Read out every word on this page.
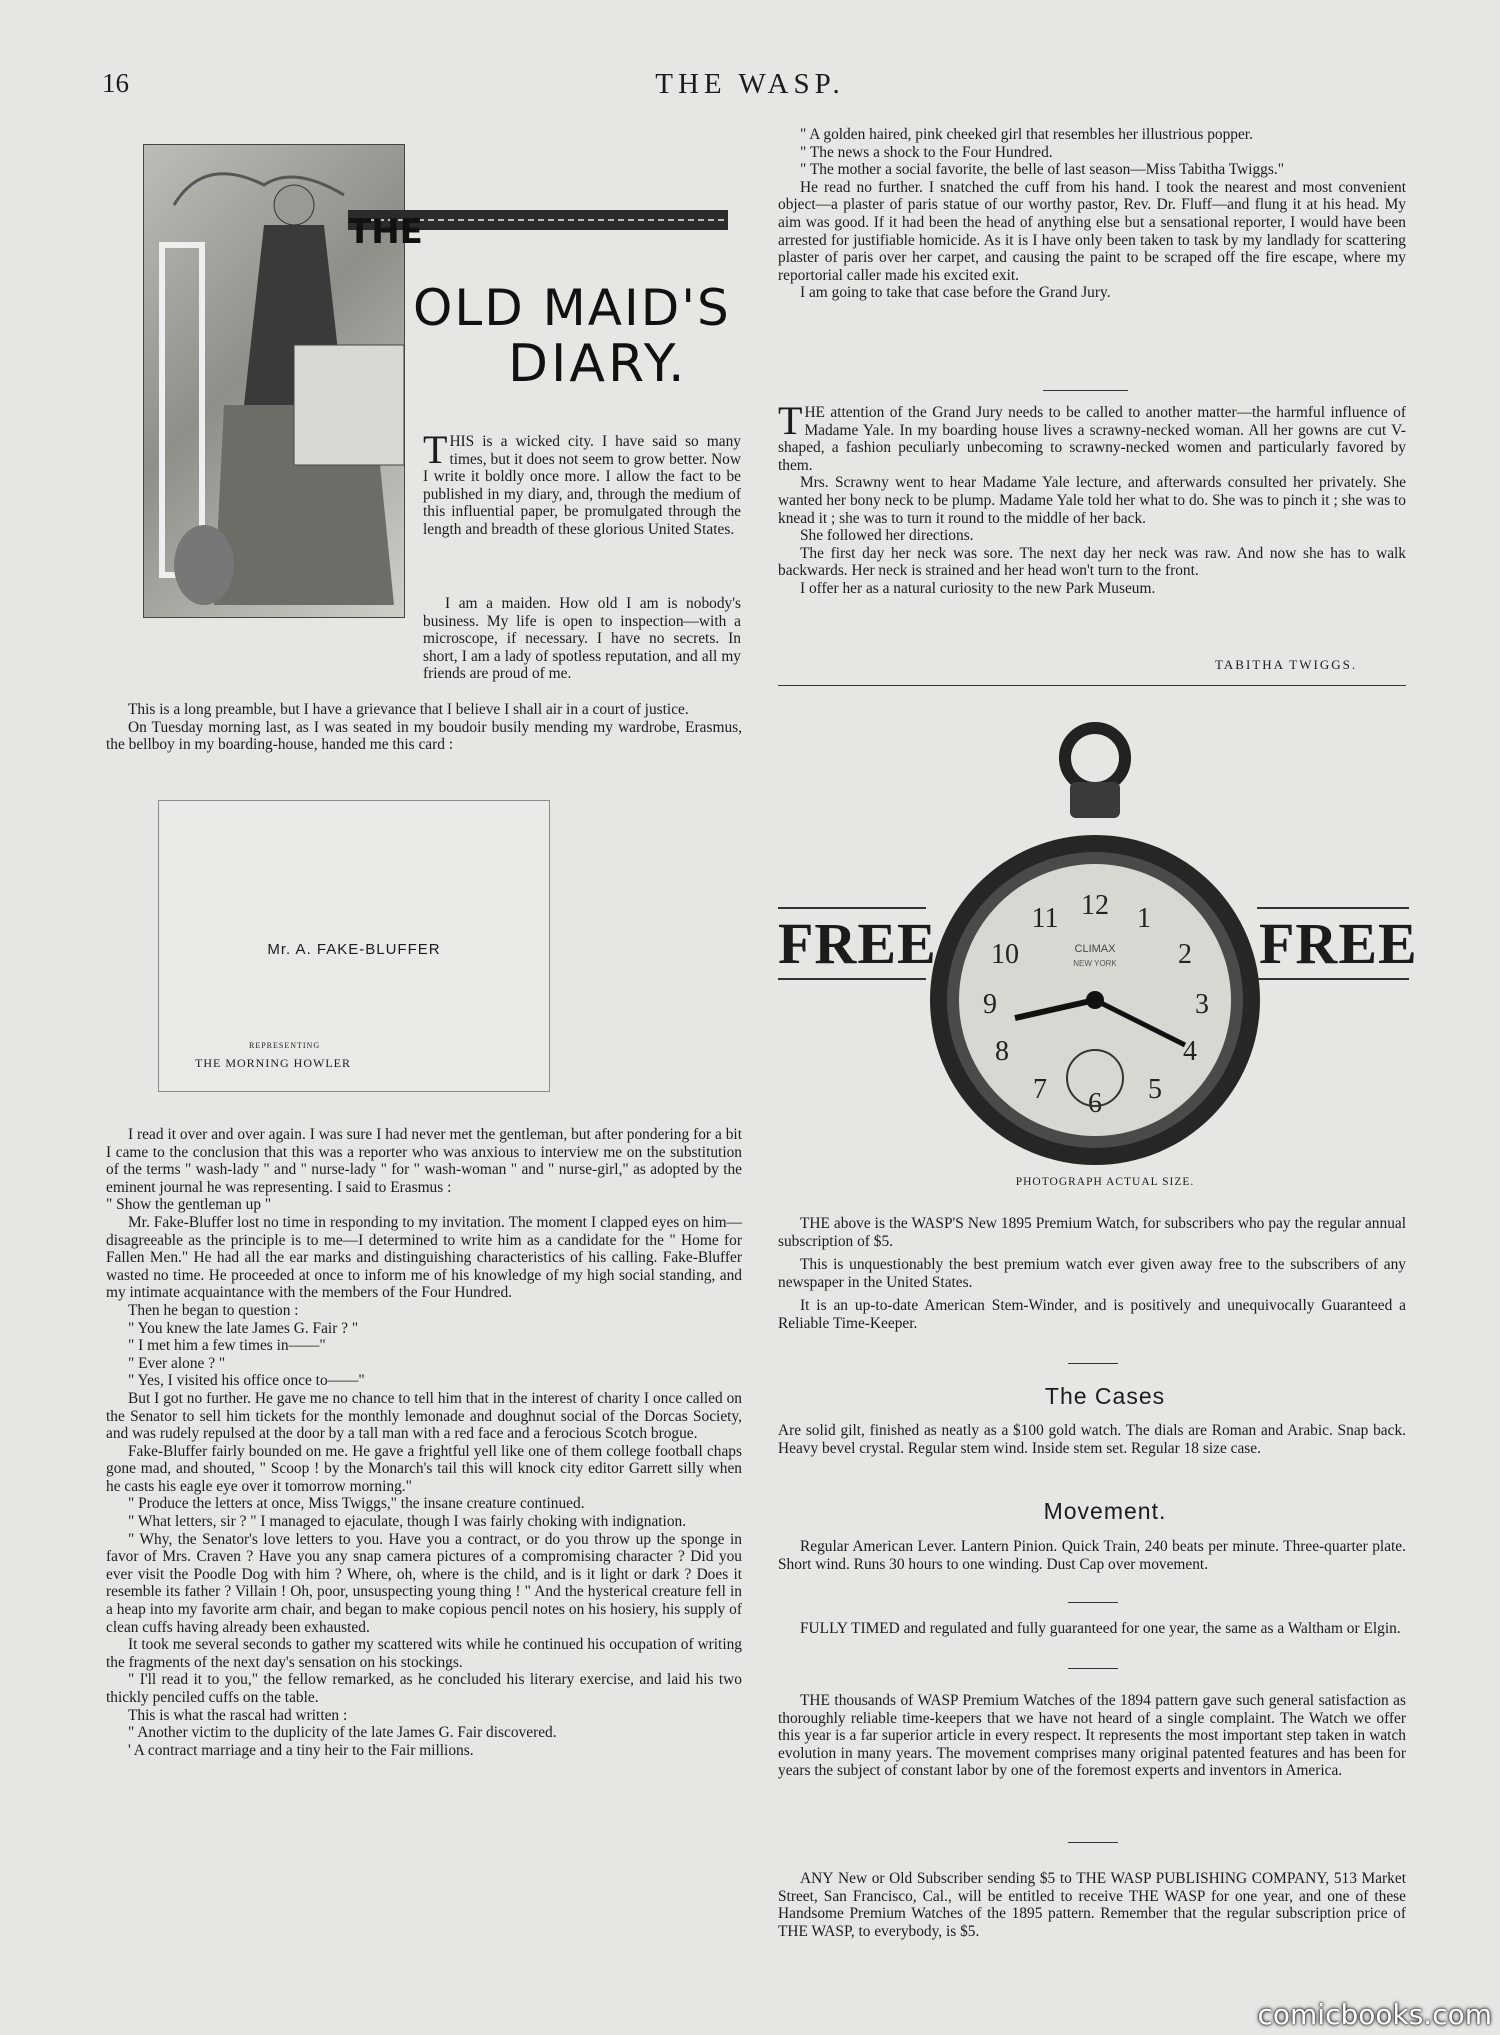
16	THE WASP.
THE
OLD MAID'S
DIARY.

THIS is a wicked city. I have said so many times, but it does not seem to grow better. Now I write it boldly once more. I allow the fact to be published in my diary, and, through the medium of this influential paper, be promulgated through the length and breadth of these glorious United States.

I am a maiden. How old I am is nobody's business. My life is open to inspection—with a microscope, if necessary. I have no secrets. In short, I am a lady of spotless reputation, and all my friends are proud of me.

This is a long preamble, but I have a grievance that I believe I shall air in a court of justice.

On Tuesday morning last, as I was seated in my boudoir busily mending my wardrobe, Erasmus, the bellboy in my boarding-house, handed me this card :

Mr. A. FAKE-BLUFFER
REPRESENTING
THE MORNING HOWLER

I read it over and over again. I was sure I had never met the gentleman, but after pondering for a bit I came to the conclusion that this was a reporter who was anxious to interview me on the substitution of the terms " wash-lady " and " nurse-lady " for " wash-woman " and " nurse-girl," as adopted by the eminent journal he was representing. I said to Erasmus :

" Show the gentleman up "

Mr. Fake-Bluffer lost no time in responding to my invitation. The moment I clapped eyes on him—disagreeable as the principle is to me—I determined to write him as a candidate for the " Home for Fallen Men." He had all the ear marks and distinguishing characteristics of his calling. Fake-Bluffer wasted no time. He proceeded at once to inform me of his knowledge of my high social standing, and my intimate acquaintance with the members of the Four Hundred.

Then he began to question :

" You knew the late James G. Fair ? "

" I met him a few times in——"

" Ever alone ? "

" Yes, I visited his office once to——"

But I got no further. He gave me no chance to tell him that in the interest of charity I once called on the Senator to sell him tickets for the monthly lemonade and doughnut social of the Dorcas Society, and was rudely repulsed at the door by a tall man with a red face and a ferocious Scotch brogue.

Fake-Bluffer fairly bounded on me. He gave a frightful yell like one of them college football chaps gone mad, and shouted, " Scoop ! by the Monarch's tail this will knock city editor Garrett silly when he casts his eagle eye over it tomorrow morning."

" Produce the letters at once, Miss Twiggs," the insane creature continued.

" What letters, sir ? " I managed to ejaculate, though I was fairly choking with indignation.

" Why, the Senator's love letters to you. Have you a contract, or do you throw up the sponge in favor of Mrs. Craven ? Have you any snap camera pictures of a compromising character ? Did you ever visit the Poodle Dog with him ? Where, oh, where is the child, and is it light or dark ? Does it resemble its father ? Villain ! Oh, poor, unsuspecting young thing ! " And the hysterical creature fell in a heap into my favorite arm chair, and began to make copious pencil notes on his hosiery, his supply of clean cuffs having already been exhausted.

It took me several seconds to gather my scattered wits while he continued his occupation of writing the fragments of the next day's sensation on his stockings.

" I'll read it to you," the fellow remarked, as he concluded his literary exercise, and laid his two thickly penciled cuffs on the table.

This is what the rascal had written :

" Another victim to the duplicity of the late James G. Fair discovered.

' A contract marriage and a tiny heir to the Fair millions.

" A golden haired, pink cheeked girl that resembles her illustrious popper.

" The news a shock to the Four Hundred.

" The mother a social favorite, the belle of last season—Miss Tabitha Twiggs."

He read no further. I snatched the cuff from his hand. I took the nearest and most convenient object—a plaster of paris statue of our worthy pastor, Rev. Dr. Fluff—and flung it at his head. My aim was good. If it had been the head of anything else but a sensational reporter, I would have been arrested for justifiable homicide. As it is I have only been taken to task by my landlady for scattering plaster of paris over her carpet, and causing the paint to be scraped off the fire escape, where my reportorial caller made his excited exit.

I am going to take that case before the Grand Jury.

THE attention of the Grand Jury needs to be called to another matter—the harmful influence of Madame Yale. In my boarding house lives a scrawny-necked woman. All her gowns are cut V-shaped, a fashion peculiarly unbecoming to scrawny-necked women and particularly favored by them.

Mrs. Scrawny went to hear Madame Yale lecture, and afterwards consulted her privately. She wanted her bony neck to be plump. Madame Yale told her what to do. She was to pinch it ; she was to knead it ; she was to turn it round to the middle of her back.

She followed her directions.

The first day her neck was sore. The next day her neck was raw. And now she has to walk backwards. Her neck is strained and her head won't turn to the front.

I offer her as a natural curiosity to the new Park Museum.

TABITHA TWIGGS.
FREE	FREE
12 1
2
3
4
5
6
7
8
9
10
11
CLIMAX
NEW YORK
PHOTOGRAPH ACTUAL SIZE.

THE above is the WASP'S New 1895 Premium Watch, for subscribers who pay the regular annual subscription of $5.

This is unquestionably the best premium watch ever given away free to the subscribers of any newspaper in the United States.

It is an up-to-date American Stem-Winder, and is positively and unequivocally Guaranteed a Reliable Time-Keeper.

The Cases

Are solid gilt, finished as neatly as a $100 gold watch. The dials are Roman and Arabic. Snap back. Heavy bevel crystal. Regular stem wind. Inside stem set. Regular 18 size case.

Movement.

Regular American Lever. Lantern Pinion. Quick Train, 240 beats per minute. Three-quarter plate. Short wind. Runs 30 hours to one winding. Dust Cap over movement.

FULLY TIMED and regulated and fully guaranteed for one year, the same as a Waltham or Elgin.

THE thousands of WASP Premium Watches of the 1894 pattern gave such general satisfaction as thoroughly reliable time-keepers that we have not heard of a single complaint. The Watch we offer this year is a far superior article in every respect. It represents the most important step taken in watch evolution in many years. The movement comprises many original patented features and has been for years the subject of constant labor by one of the foremost experts and inventors in America.

ANY New or Old Subscriber sending $5 to THE WASP PUBLISHING COMPANY, 513 Market Street, San Francisco, Cal., will be entitled to receive THE WASP for one year, and one of these Handsome Premium Watches of the 1895 pattern. Remember that the regular subscription price of THE WASP, to everybody, is $5.

comicbooks.com
